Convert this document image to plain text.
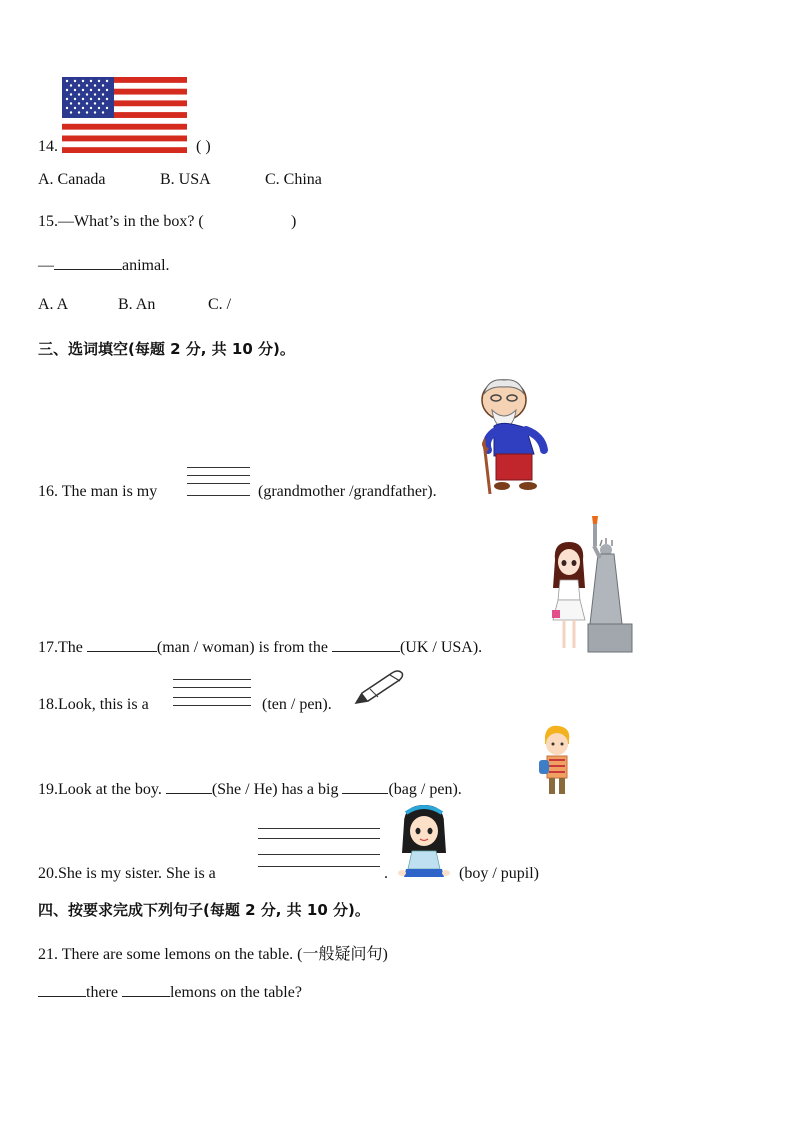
14.	( )
A. Canada	B. USA	C. China
15.—What’s in the box? (	)
—	animal.
A. A	B. An	C. /
三、选词填空(每题 2 分, 共 10 分)。
16. The man is my	(grandmother /grandfather).
17.The	(man / woman) is from the	(UK / USA).
18.Look, this is a	(ten / pen).
19.Look at the boy.	(She / He) has a big	(bag / pen).
20.She is my sister. She is a	.	(boy / pupil)
四、按要求完成下列句子(每题 2 分, 共 10 分)。
21. There are some lemons on the table. (一般疑问句)
there	lemons on the table?
